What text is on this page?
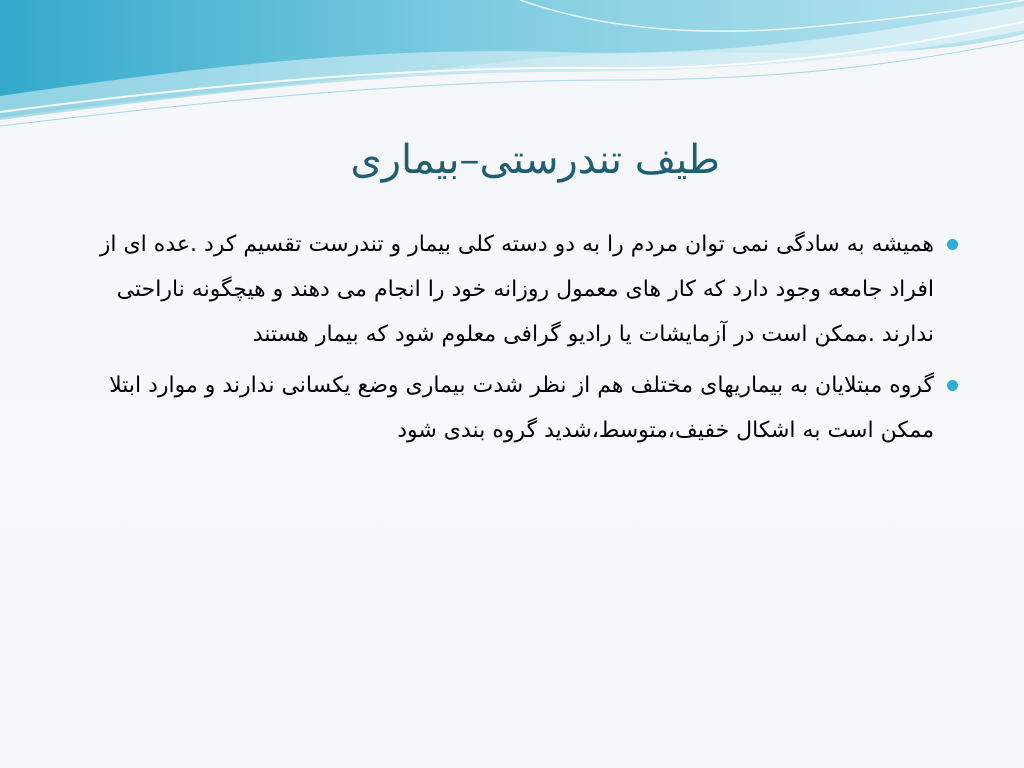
طیف تندرستی–بیماری
همیشه به سادگی نمی توان مردم را به دو دسته کلی بیمار و تندرست تقسیم کرد .عده ای از افراد جامعه وجود دارد که کار های معمول روزانه خود را انجام می دهند و هیچگونه ناراحتی ندارند .ممکن است در آزمایشات یا رادیو گرافی معلوم شود که بیمار هستند
گروه مبتلایان به بیماریهای مختلف هم از نظر شدت بیماری وضع یکسانی ندارند و موارد ابتلا ممکن است به اشکال خفیف،متوسط،شدید گروه بندی شود
